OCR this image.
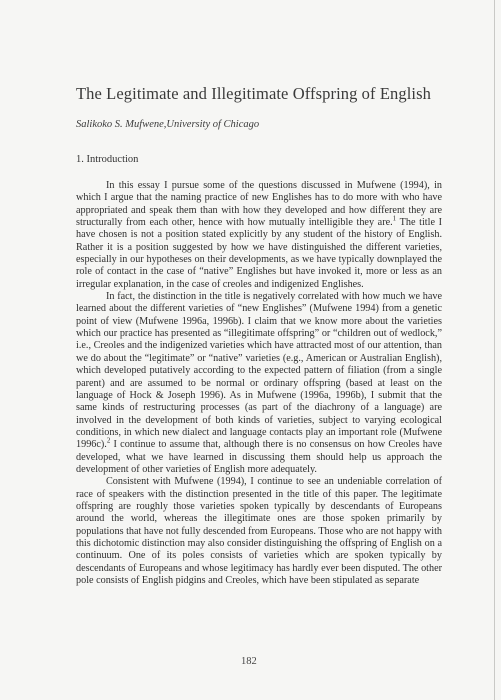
The Legitimate and Illegitimate Offspring of English
Salikoko S. Mufwene,University of Chicago
1. Introduction

In this essay I pursue some of the questions discussed in Mufwene (1994), in which I argue that the naming practice of new Englishes has to do more with who have appropriated and speak them than with how they developed and how different they are structurally from each other, hence with how mutually intelligible they are.$^1$ The title I have chosen is not a position stated explicitly by any student of the history of English. Rather it is a position suggested by how we have distinguished the different varieties, especially in our hypotheses on their developments, as we have typically downplayed the role of contact in the case of “native” Englishes but have invoked it, more or less as an irregular explanation, in the case of creoles and indigenized Englishes.

In fact, the distinction in the title is negatively correlated with how much we have learned about the different varieties of “new Englishes” (Mufwene 1994) from a genetic point of view (Mufwene 1996a, 1996b). I claim that we know more about the varieties which our practice has presented as “illegitimate offspring” or “children out of wedlock,” i.e., Creoles and the indigenized varieties which have attracted most of our attention, than we do about the “legitimate” or “native” varieties (e.g., American or Australian English), which developed putatively according to the expected pattern of filiation (from a single parent) and are assumed to be normal or ordinary offspring (based at least on the language of Hock & Joseph 1996). As in Mufwene (1996a, 1996b), I submit that the same kinds of restructuring processes (as part of the diachrony of a language) are involved in the development of both kinds of varieties, subject to varying ecological conditions, in which new dialect and language contacts play an important role (Mufwene 1996c).$^2$ I continue to assume that, although there is no consensus on how Creoles have developed, what we have learned in discussing them should help us approach the development of other varieties of English more adequately.

Consistent with Mufwene (1994), I continue to see an undeniable correlation of race of speakers with the distinction presented in the title of this paper. The legitimate offspring are roughly those varieties spoken typically by descendants of Europeans around the world, whereas the illegitimate ones are those spoken primarily by populations that have not fully descended from Europeans. Those who are not happy with this dichotomic distinction may also consider distinguishing the offspring of English on a continuum. One of its poles consists of varieties which are spoken typically by descendants of Europeans and whose legitimacy has hardly ever been disputed. The other pole consists of English pidgins and Creoles, which have been stipulated as separate

182
